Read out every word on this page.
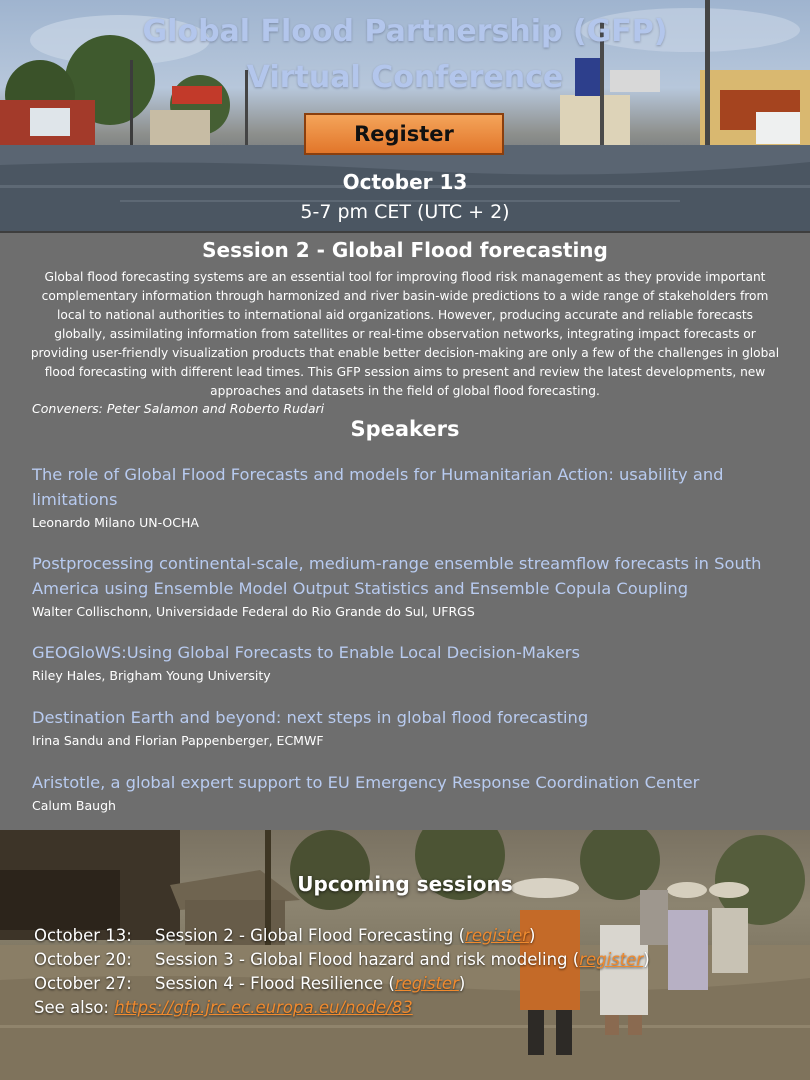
Global Flood Partnership (GFP)
Virtual Conference
Register
October 13
5-7 pm CET (UTC + 2)
Session 2 - Global Flood forecasting
Global flood forecasting systems are an essential tool for improving flood risk management as they provide important complementary information through harmonized and river basin-wide predictions to a wide range of stakeholders from local to national authorities to international aid organizations. However, producing accurate and reliable forecasts globally, assimilating information from satellites or real-time observation networks, integrating impact forecasts or providing user-friendly visualization products that enable better decision-making are only a few of the challenges in global flood forecasting with different lead times. This GFP session aims to present and review the latest developments, new approaches and datasets in the field of global flood forecasting.
Conveners: Peter Salamon and Roberto Rudari
Speakers
The role of Global Flood Forecasts and models for Humanitarian Action: usability and limitations
Leonardo Milano UN-OCHA
Postprocessing continental-scale, medium-range ensemble streamflow forecasts in South America using Ensemble Model Output Statistics and Ensemble Copula Coupling
Walter Collischonn, Universidade Federal do Rio Grande do Sul, UFRGS
GEOGloWS:Using Global Forecasts to Enable Local Decision-Makers
Riley Hales, Brigham Young University
Destination Earth and beyond: next steps in global flood forecasting
Irina Sandu and Florian Pappenberger, ECMWF
Aristotle, a global expert support to EU Emergency Response Coordination Center
Calum Baugh
Upcoming sessions
October 13: Session 2 - Global Flood Forecasting (register)
October 20: Session 3 - Global Flood hazard and risk modeling (register)
October 27: Session 4 - Flood Resilience (register)
See also: https://gfp.jrc.ec.europa.eu/node/83
